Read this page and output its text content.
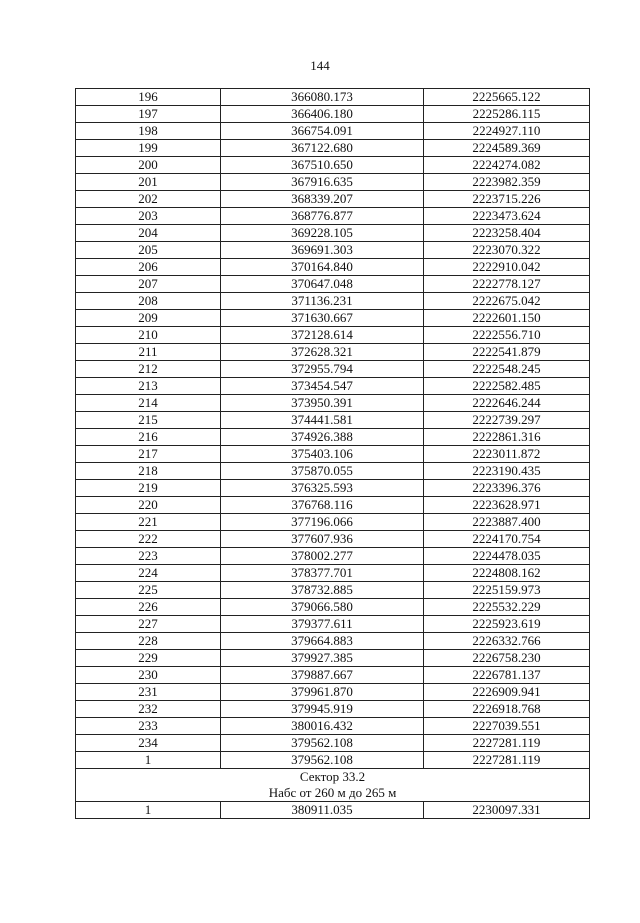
144
196	366080.173	2225665.122
197	366406.180	2225286.115
198	366754.091	2224927.110
199	367122.680	2224589.369
200	367510.650	2224274.082
201	367916.635	2223982.359
202	368339.207	2223715.226
203	368776.877	2223473.624
204	369228.105	2223258.404
205	369691.303	2223070.322
206	370164.840	2222910.042
207	370647.048	2222778.127
208	371136.231	2222675.042
209	371630.667	2222601.150
210	372128.614	2222556.710
211	372628.321	2222541.879
212	372955.794	2222548.245
213	373454.547	2222582.485
214	373950.391	2222646.244
215	374441.581	2222739.297
216	374926.388	2222861.316
217	375403.106	2223011.872
218	375870.055	2223190.435
219	376325.593	2223396.376
220	376768.116	2223628.971
221	377196.066	2223887.400
222	377607.936	2224170.754
223	378002.277	2224478.035
224	378377.701	2224808.162
225	378732.885	2225159.973
226	379066.580	2225532.229
227	379377.611	2225923.619
228	379664.883	2226332.766
229	379927.385	2226758.230
230	379887.667	2226781.137
231	379961.870	2226909.941
232	379945.919	2226918.768
233	380016.432	2227039.551
234	379562.108	2227281.119
1	379562.108	2227281.119

Сектор 33.2
Набс от 260 м до 265 м		

1	380911.035	2230097.331
